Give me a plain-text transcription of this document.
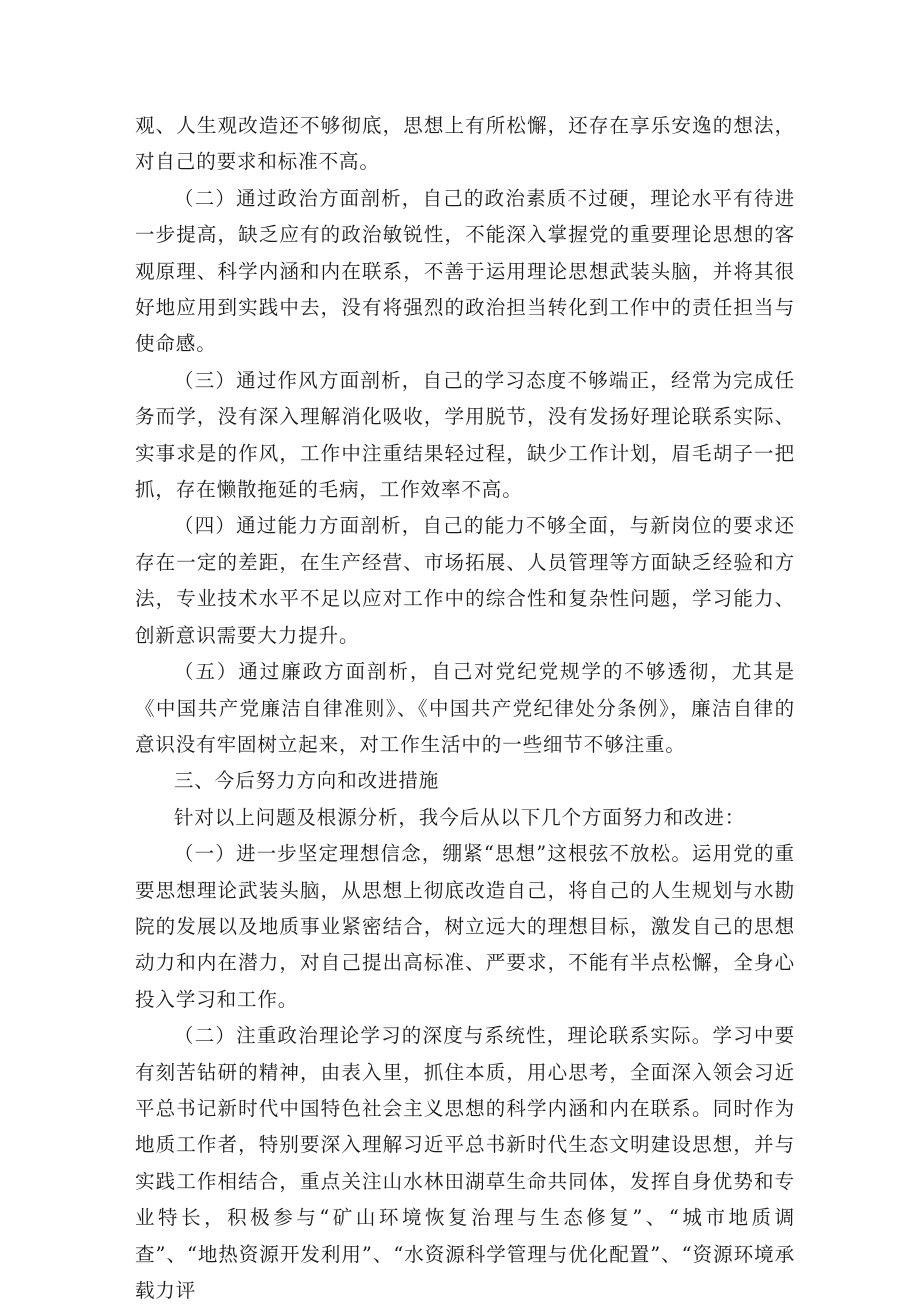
观、人生观改造还不够彻底，思想上有所松懈，还存在享乐安逸的想法，对自己的要求和标准不高。

（二）通过政治方面剖析，自己的政治素质不过硬，理论水平有待进一步提高，缺乏应有的政治敏锐性，不能深入掌握党的重要理论思想的客观原理、科学内涵和内在联系，不善于运用理论思想武装头脑，并将其很好地应用到实践中去，没有将强烈的政治担当转化到工作中的责任担当与使命感。

（三）通过作风方面剖析，自己的学习态度不够端正，经常为完成任务而学，没有深入理解消化吸收，学用脱节，没有发扬好理论联系实际、实事求是的作风，工作中注重结果轻过程，缺少工作计划，眉毛胡子一把抓，存在懒散拖延的毛病，工作效率不高。

（四）通过能力方面剖析，自己的能力不够全面，与新岗位的要求还存在一定的差距，在生产经营、市场拓展、人员管理等方面缺乏经验和方法，专业技术水平不足以应对工作中的综合性和复杂性问题，学习能力、创新意识需要大力提升。

（五）通过廉政方面剖析，自己对党纪党规学的不够透彻，尤其是《中国共产党廉洁自律准则》、《中国共产党纪律处分条例》，廉洁自律的意识没有牢固树立起来，对工作生活中的一些细节不够注重。

三、今后努力方向和改进措施

针对以上问题及根源分析，我今后从以下几个方面努力和改进：

（一）进一步坚定理想信念，绷紧“思想”这根弦不放松。运用党的重要思想理论武装头脑，从思想上彻底改造自己，将自己的人生规划与水勘院的发展以及地质事业紧密结合，树立远大的理想目标，激发自己的思想动力和内在潜力，对自己提出高标准、严要求，不能有半点松懈，全身心投入学习和工作。

（二）注重政治理论学习的深度与系统性，理论联系实际。学习中要有刻苦钻研的精神，由表入里，抓住本质，用心思考，全面深入领会习近平总书记新时代中国特色社会主义思想的科学内涵和内在联系。同时作为地质工作者，特别要深入理解习近平总书新时代生态文明建设思想，并与实践工作相结合，重点关注山水林田湖草生命共同体，发挥自身优势和专业特长，积极参与“矿山环境恢复治理与生态修复”、“城市地质调查”、“地热资源开发利用”、“水资源科学管理与优化配置”、“资源环境承载力评
